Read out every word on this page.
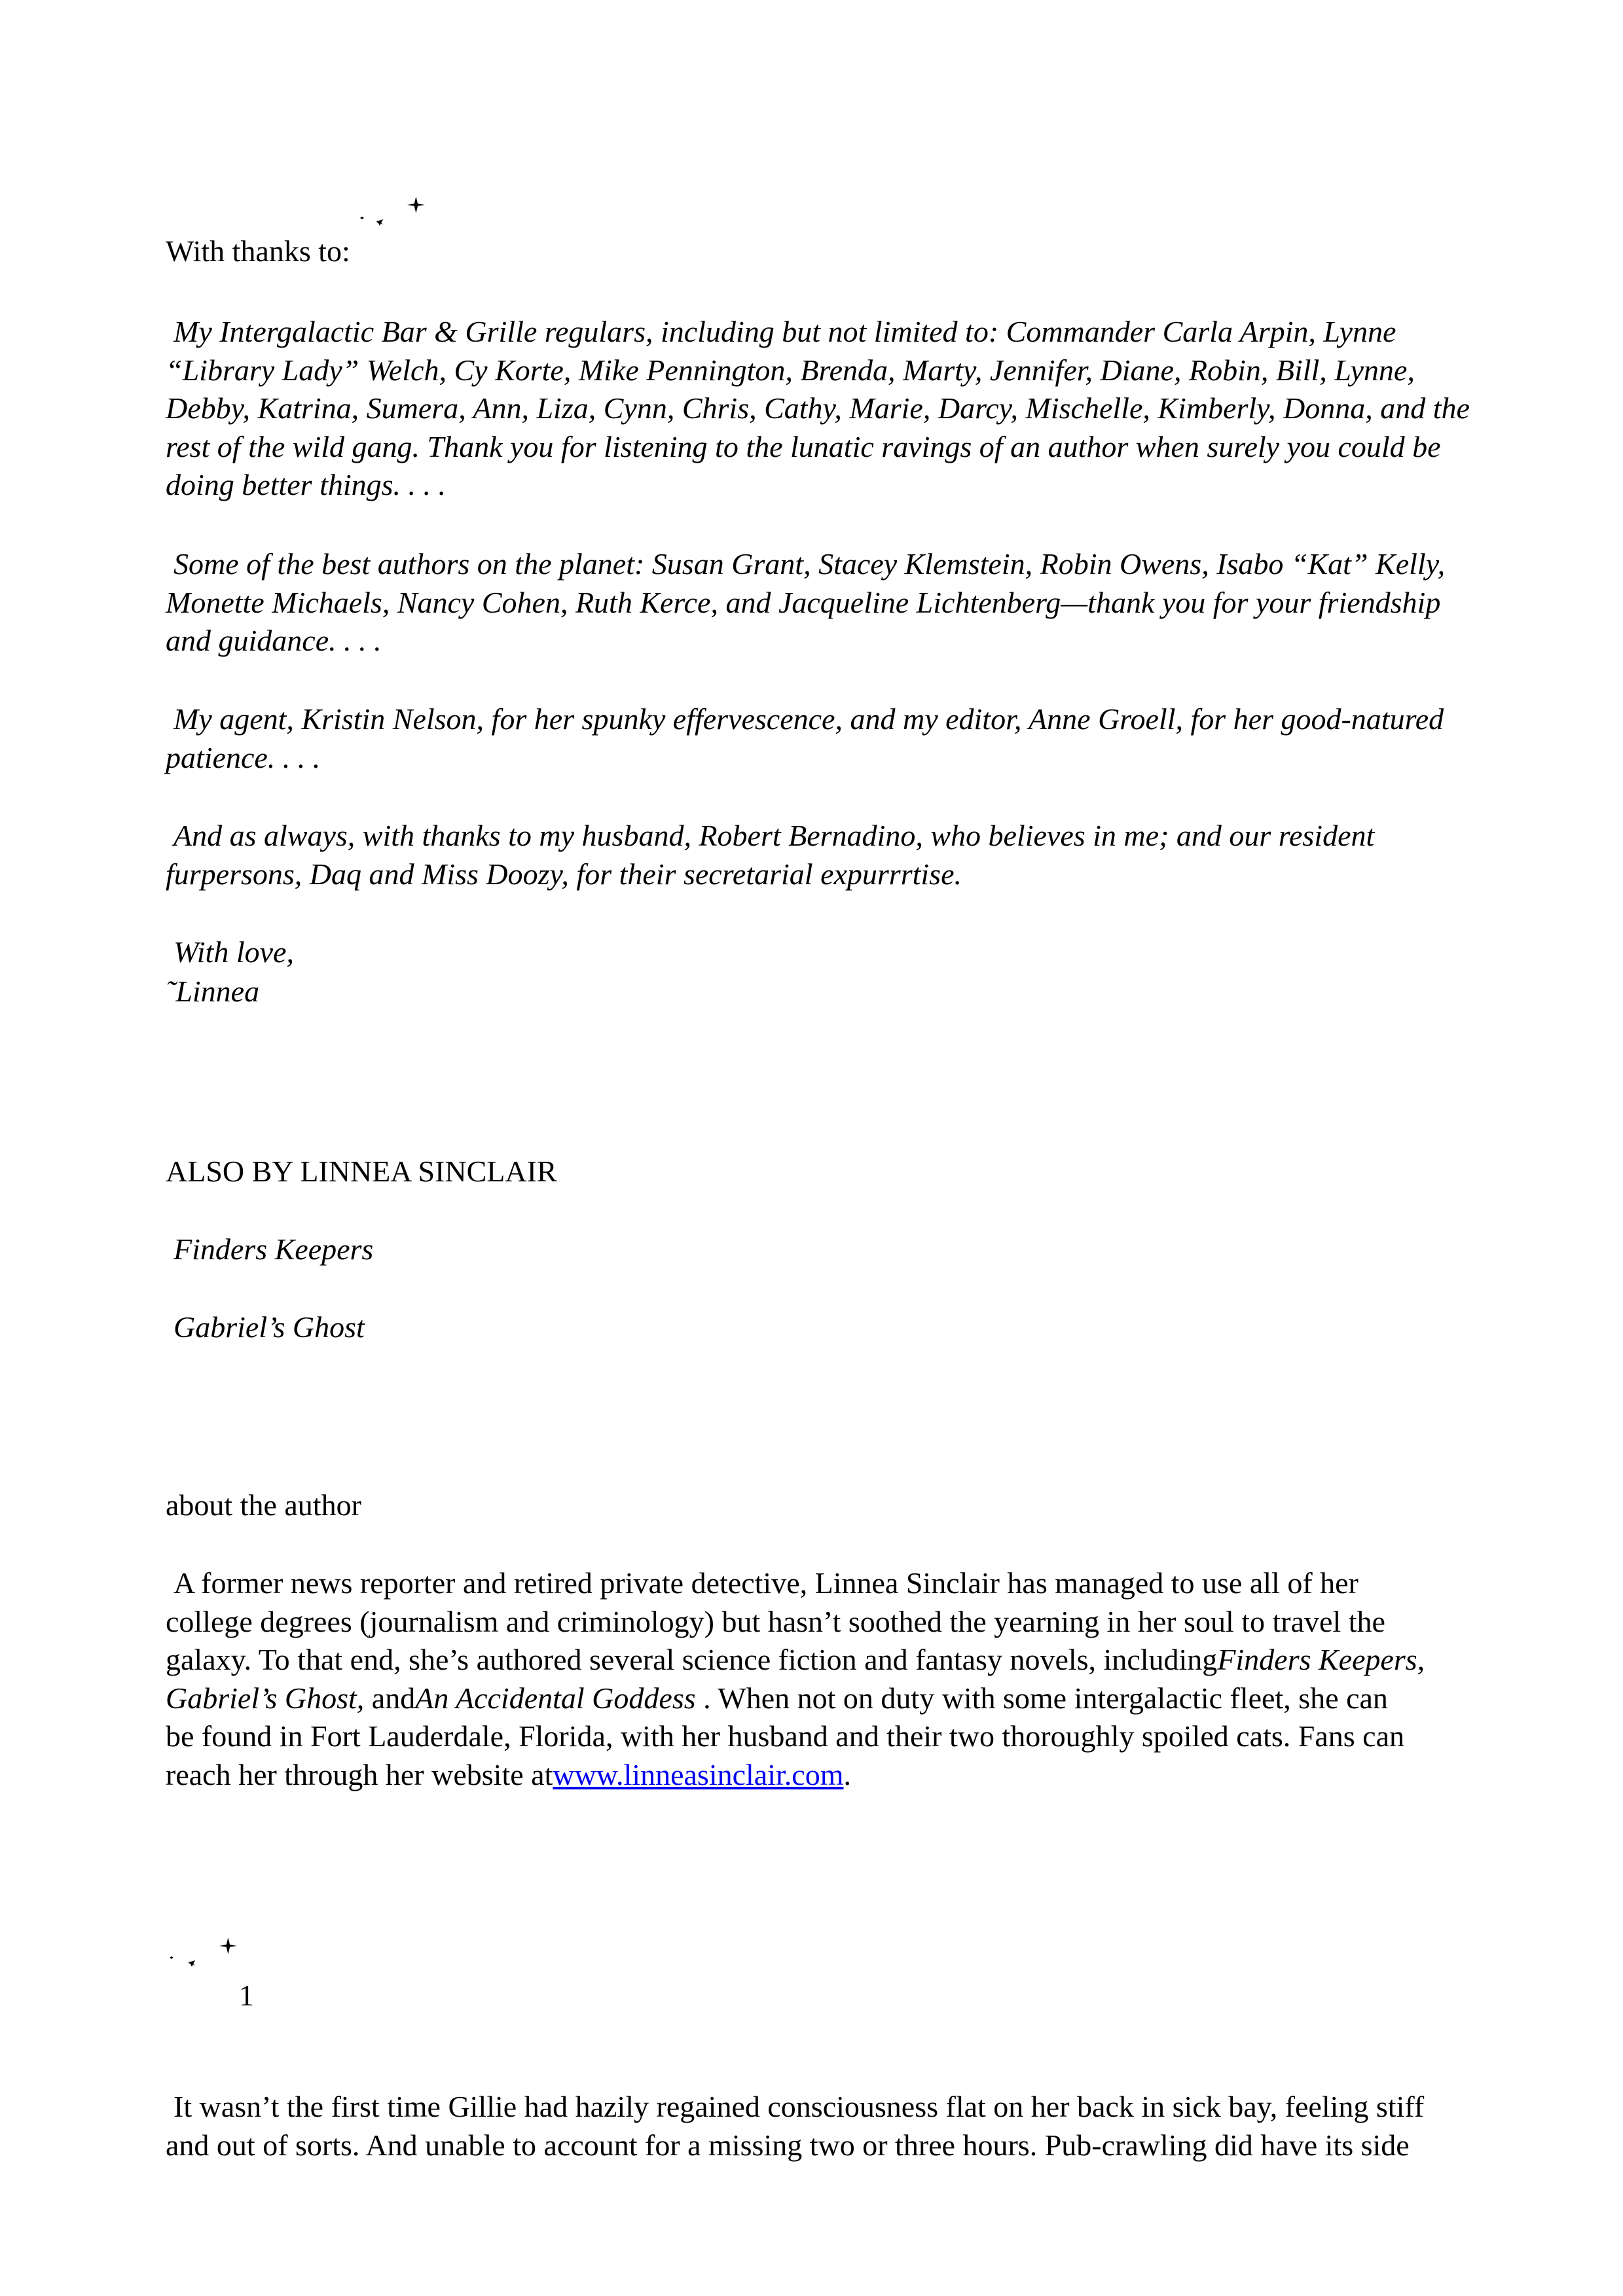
With thanks to:

My Intergalactic Bar & Grille regulars, including but not limited to: Commander Carla Arpin, Lynne “Library Lady” Welch, Cy Korte, Mike Pennington, Brenda, Marty, Jennifer, Diane, Robin, Bill, Lynne, Debby, Katrina, Sumera, Ann, Liza, Cynn, Chris, Cathy, Marie, Darcy, Mischelle, Kimberly, Donna, and the rest of the wild gang. Thank you for listening to the lunatic ravings of an author when surely you could be doing better things. . . .

Some of the best authors on the planet: Susan Grant, Stacey Klemstein, Robin Owens, Isabo “Kat” Kelly, Monette Michaels, Nancy Cohen, Ruth Kerce, and Jacqueline Lichtenberg—thank you for your friendship and guidance. . . .

My agent, Kristin Nelson, for her spunky effervescence, and my editor, Anne Groell, for her good-natured patience. . . .

And as always, with thanks to my husband, Robert Bernadino, who believes in me; and our resident furpersons, Daq and Miss Doozy, for their secretarial expurrrtise.

With love,

˜Linnea

ALSO BY LINNEA SINCLAIR

Finders Keepers

Gabriel’s Ghost

about the author

A former news reporter and retired private detective, Linnea Sinclair has managed to use all of her
college degrees (journalism and criminology) but hasn’t soothed the yearning in her soul to travel the
galaxy. To that end, she’s authored several science fiction and fantasy novels, includingFinders Keepers,
Gabriel’s Ghost, andAn Accidental Goddess . When not on duty with some intergalactic fleet, she can
be found in Fort Lauderdale, Florida, with her husband and their two thoroughly spoiled cats. Fans can
reach her through her website atwww.linneasinclair.com.

1

It wasn’t the first time Gillie had hazily regained consciousness flat on her back in sick bay, feeling stiff
and out of sorts. And unable to account for a missing two or three hours. Pub-crawling did have its side
